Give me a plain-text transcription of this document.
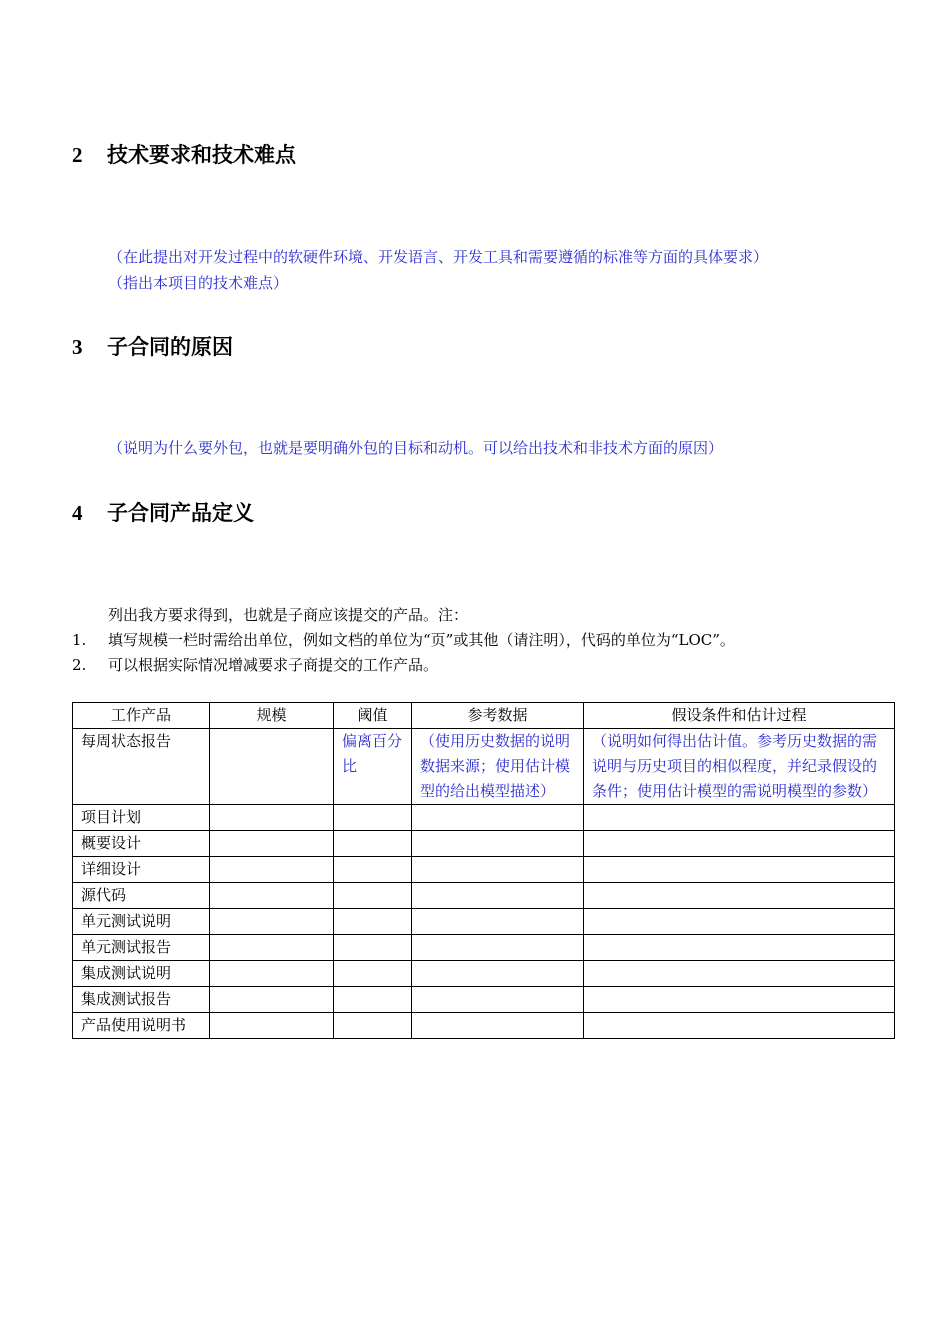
2 技术要求和技术难点
（在此提出对开发过程中的软硬件环境、开发语言、开发工具和需要遵循的标准等方面的具体要求）
（指出本项目的技术难点）
3 子合同的原因
（说明为什么要外包，也就是要明确外包的目标和动机。可以给出技术和非技术方面的原因）
4 子合同产品定义
列出我方要求得到，也就是子商应该提交的产品。注：
1. 填写规模一栏时需给出单位，例如文档的单位为“页”或其他（请注明），代码的单位为“LOC”。
2. 可以根据实际情况增减要求子商提交的工作产品。
工作产品	规模	阈值	参考数据	假设条件和估计过程
每周状态报告		偏离百分比	（使用历史数据的说明数据来源；使用估计模型的给出模型描述）	（说明如何得出估计值。参考历史数据的需说明与历史项目的相似程度，并纪录假设的条件；使用估计模型的需说明模型的参数）
项目计划				
概要设计				
详细设计				
源代码				
单元测试说明				
单元测试报告				
集成测试说明				
集成测试报告				
产品使用说明书				
